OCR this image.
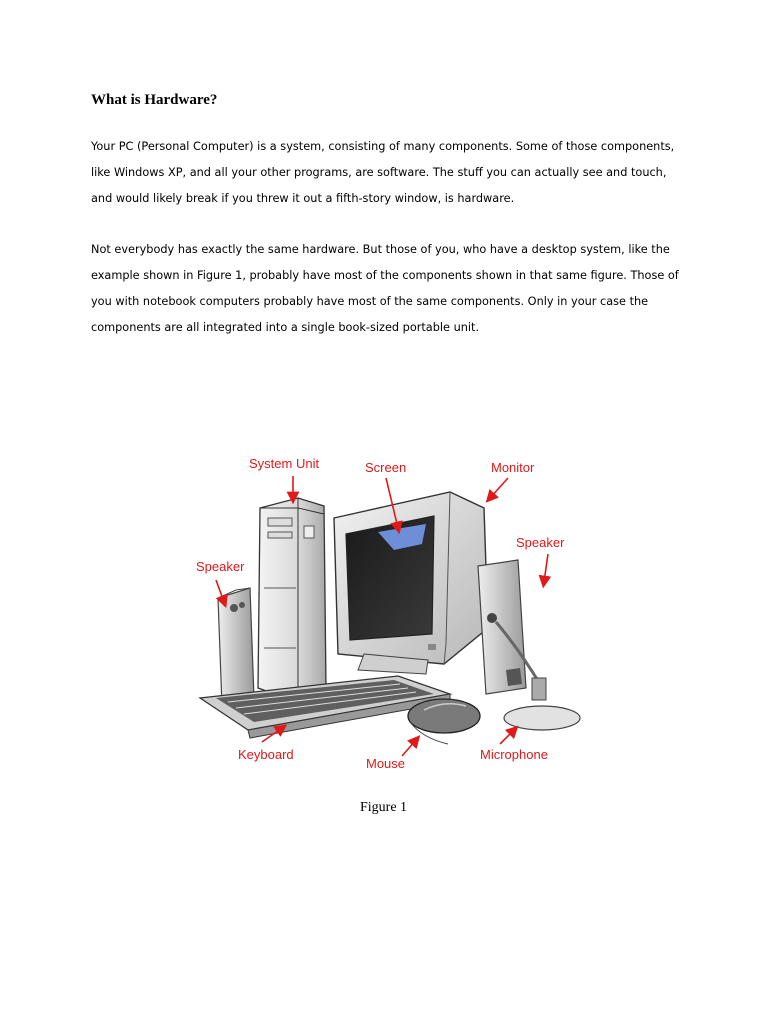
What is Hardware?
Your PC (Personal Computer) is a system, consisting of many components. Some of those components,
like Windows XP, and all your other programs, are software. The stuff you can actually see and touch,
and would likely break if you threw it out a fifth-story window, is hardware.
Not everybody has exactly the same hardware. But those of you, who have a desktop system, like the
example shown in Figure 1, probably have most of the components shown in that same figure. Those of
you with notebook computers probably have most of the same components. Only in your case the
components are all integrated into a single book-sized portable unit.
System Unit	Screen	Monitor
Speaker
Speaker
Keyboard
Mouse
Microphone
Figure 1
